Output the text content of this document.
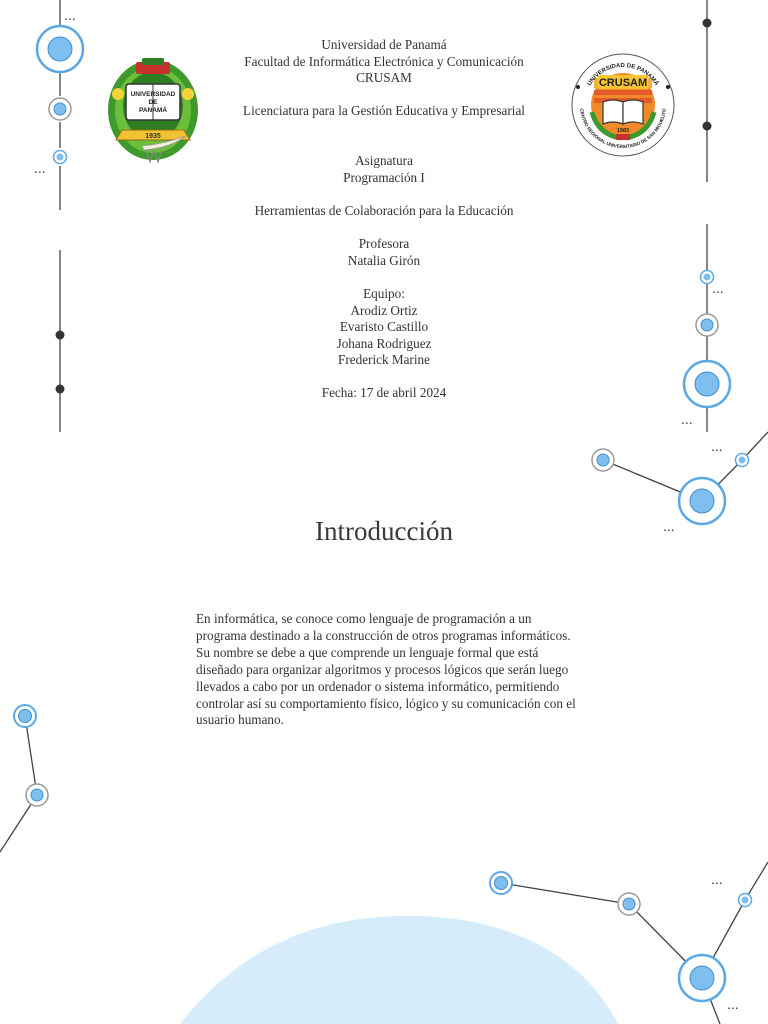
...
...
...
...
...
...
...
...
UNIVERSIDAD
DE
PANAMÁ
1935
CRUSAM
1983
UNIVERSIDAD DE PANAMÁ
CENTRO REGIONAL UNIVERSITARIO DE SAN MIGUELITO
Universidad de Panamá
Facultad de Informática Electrónica y Comunicación
CRUSAM
Licenciatura para la Gestión Educativa y Empresarial
Asignatura
Programación I
Herramientas de Colaboración para la Educación
Profesora
Natalia Girón
Equipo:
Arodiz Ortiz
Evaristo Castillo
Johana Rodriguez
Frederick Marine
Fecha: 17 de abril 2024
Introducción
En informática, se conoce como lenguaje de programación a un programa destinado a la construcción de otros programas informáticos. Su nombre se debe a que comprende un lenguaje formal que está diseñado para organizar algoritmos y procesos lógicos que serán luego llevados a cabo por un ordenador o sistema informático, permitiendo controlar así su comportamiento físico, lógico y su comunicación con el usuario humano.
